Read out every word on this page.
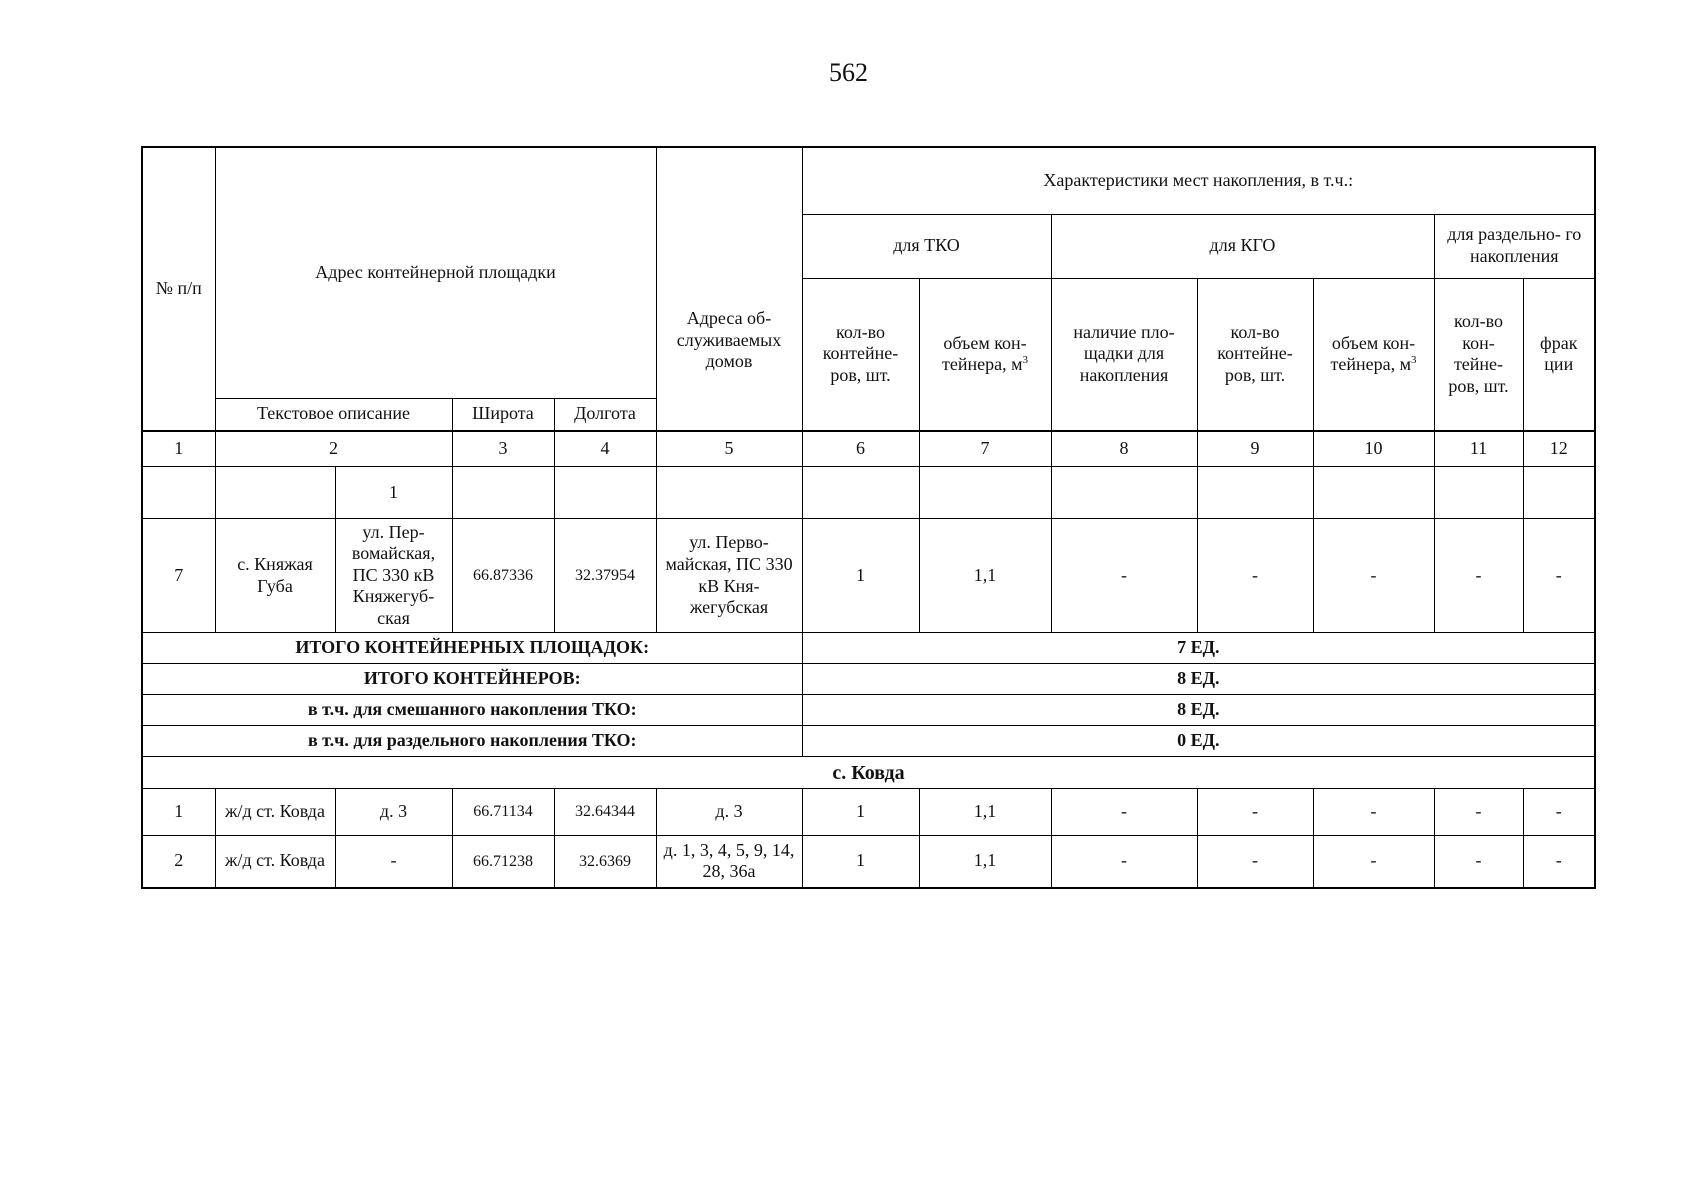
562
№ п/п	Адрес контейнерной площадки				Адреса об- служиваемых домов	Характеристики мест накопления, в т.ч.:						
						для ТКО		для КГО			для раздельно- го накопления	
						кол-во контейне- ров, шт.	объем кон- тейнера, $м^3$	наличие пло- щадки для накопления	кол-во контейне- ров, шт.	объем кон- тейнера, $м^3$	кол-во кон- тейне- ров, шт.	фрак ции
	Текстовое описание		Широта	Долгота								
1	2		3	4	5	6	7	8	9	10	11	12
		1										
7	с. Княжая Губа	ул. Пер- вомайская, ПС 330 кВ Княжегуб- ская	66.87336	32.37954	ул. Перво- майская, ПС 330 кВ Кня- жегубская	1	1,1	-	-	-	-	-
ИТОГО КОНТЕЙНЕРНЫХ ПЛОЩАДОК:						7 ЕД.						
ИТОГО КОНТЕЙНЕРОВ:						8 ЕД.						
в т.ч. для смешанного накопления ТКО:						8 ЕД.						
в т.ч. для раздельного накопления ТКО:						0 ЕД.						
с. Ковда												
1	ж/д ст. Ковда	д. 3	66.71134	32.64344	д. 3	1	1,1	-	-	-	-	-
2	ж/д ст. Ковда	-	66.71238	32.6369	д. 1, 3, 4, 5, 9, 14, 28, 36а	1	1,1	-	-	-	-	-
